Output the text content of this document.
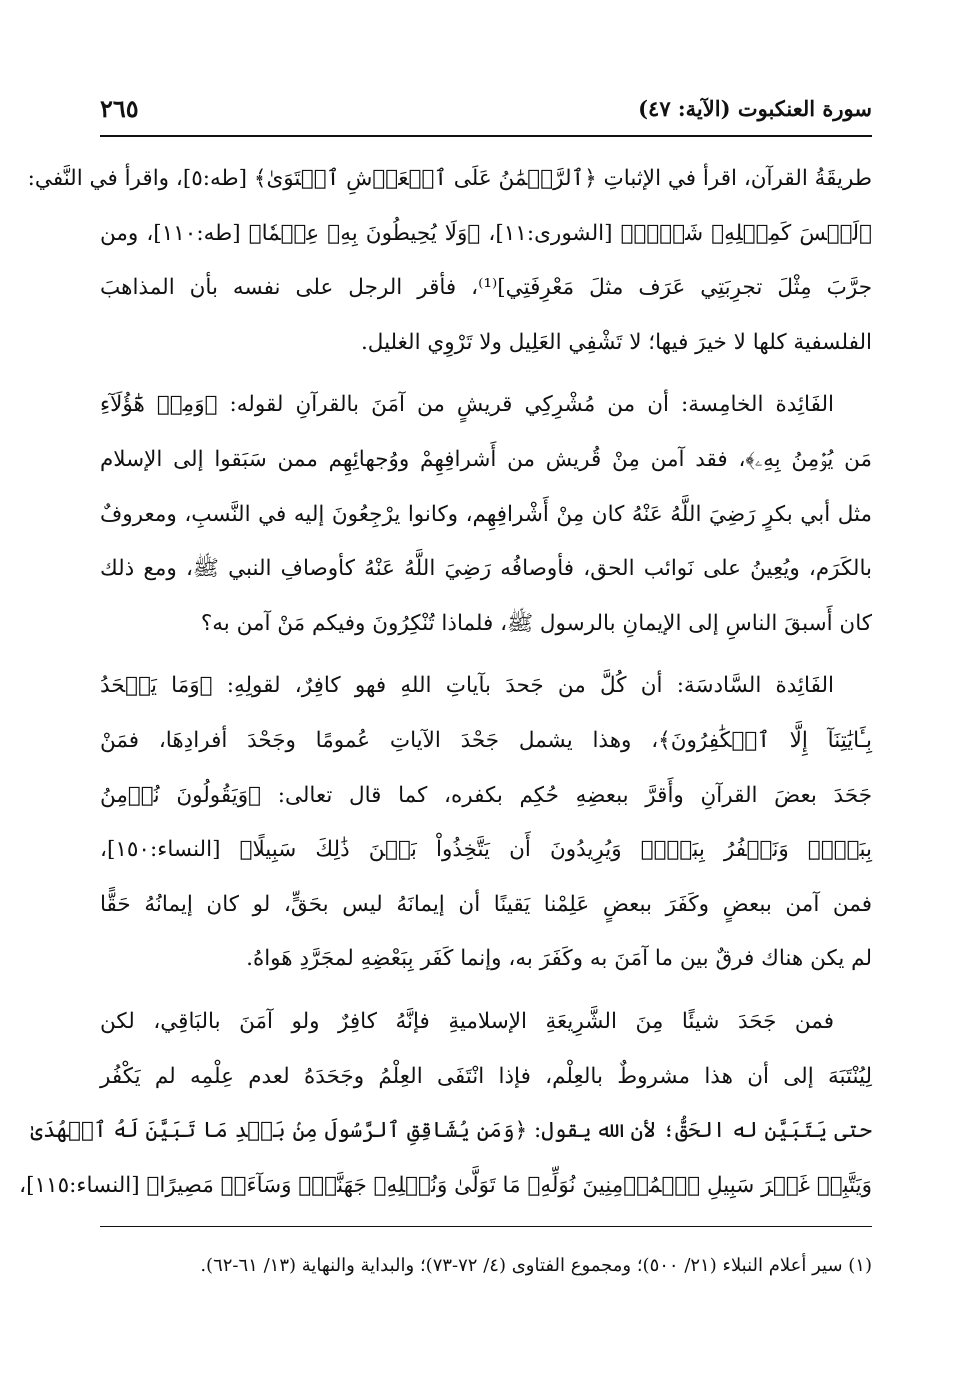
سورة العنكبوت (الآية: ٤٧)
٢٦٥
طريقَةُ القرآن، اقرأ في الإثباتِ ﴿ٱلرَّحۡمَٰنُ عَلَى ٱلۡعَرۡشِ ٱسۡتَوَىٰ﴾ [طه:٥]، واقرأ في النَّفي:
﴿لَيۡسَ كَمِثۡلِهِۦ شَيۡءٞ﴾ [الشورى:١١]، ﴿وَلَا يُحِيطُونَ بِهِۦ عِلۡمٗا﴾ [طه:١١٠]، ومن
جرَّبَ مِثْلَ تجرِبَتِي عَرَف مثلَ مَعْرِفَتِي]⁽¹⁾، فأقر الرجل على نفسه بأن المذاهبَ
الفلسفية كلها لا خيرَ فيها؛ لا تَشْفِي العَلِيل ولا تَرْوِي الغليل.
الفَائِدة الخامِسة: أن من مُشْرِكِي قريشٍ من آمَنَ بالقرآنِ لقوله: ﴿وَمِنۡ هَٰٓؤُلَآءِ
مَن يُؤۡمِنُ بِهِۦ﴾، فقد آمن مِنْ قُريش من أَشرافِهِمْ ووُجهائِهِم ممن سَبَقوا إلى الإسلام
مثل أبي بكرٍ رَضِيَ اللَّهُ عَنْهُ كان مِنْ أَشْرافِهِم، وكانوا يرْجِعُونَ إليه في النَّسبِ، ومعروفٌ
بالكَرَم، ويُعِينُ على نَوائب الحق، فأوصافُه رَضِيَ اللَّهُ عَنْهُ كأوصافِ النبي ﷺ، ومع ذلك
كان أَسبقَ الناسِ إلى الإيمانِ بالرسول ﷺ، فلماذا تُنْكِرُونَ وفيكم مَنْ آمن به؟
الفَائِدة السَّادسَة: أن كُلَّ من جَحدَ بآياتِ اللهِ فهو كافِرٌ، لقولِهِ: ﴿وَمَا يَجۡحَدُ
بِـَٔايَٰتِنَآ إِلَّا ٱلۡكَٰفِرُونَ﴾، وهذا يشمل جَحْدَ الآياتِ عُمومًا وجَحْدَ أفرادِهَا، فمَنْ
جَحَدَ بعضَ القرآنِ وأَقرَّ ببعضِهِ حُكِم بكفره، كما قال تعالى: ﴿وَيَقُولُونَ نُؤۡمِنُ
بِبَعۡضٖ وَنَكۡفُرُ بِبَعۡضٖ وَيُرِيدُونَ أَن يَتَّخِذُواْ بَيۡنَ ذَٰلِكَ سَبِيلًا﴾ [النساء:١٥٠]،
فمن آمن ببعضٍ وكَفَرَ ببعضٍ عَلِمْنا يَقينًا أن إيمانَهُ ليس بحَقٍّ، لو كان إيمانُهُ حَقًّا
لم يكن هناك فرقٌ بين ما آمَنَ به وكَفَرَ به، وإنما كَفَر بِبَعْضِهِ لمجَرَّدِ هَواهُ.
فمن جَحَدَ شيئًا مِنَ الشَّرِيعَةِ الإسلاميةِ فإنَّهُ كافِرٌ ولو آمَنَ بالبَاقِي، لكن
لِيُنْتَبَهَ إلى أن هذا مشروطٌ بالعِلْم، فإذا انْتَفَى العِلْمُ وجَحَدَهُ لعدم عِلْمِه لم يَكْفُر
حتى يَتَبَيَّن له الحَقُّ؛ لأن الله يقول: ﴿وَمَن يُشَاقِقِ ٱلرَّسُولَ مِنۢ بَعۡدِ مَا تَبَيَّنَ لَهُ ٱلۡهُدَىٰ
وَيَتَّبِعۡ غَيۡرَ سَبِيلِ ٱلۡمُؤۡمِنِينَ نُوَلِّهِۦ مَا تَوَلَّىٰ وَنُصۡلِهِۦ جَهَنَّمَۖ وَسَآءَتۡ مَصِيرًا﴾ [النساء:١١٥]،
(١) سير أعلام النبلاء (٢١/ ٥٠٠)؛ ومجموع الفتاوى (٤/ ٧٢-٧٣)؛ والبداية والنهاية (١٣/ ٦١-٦٢).
